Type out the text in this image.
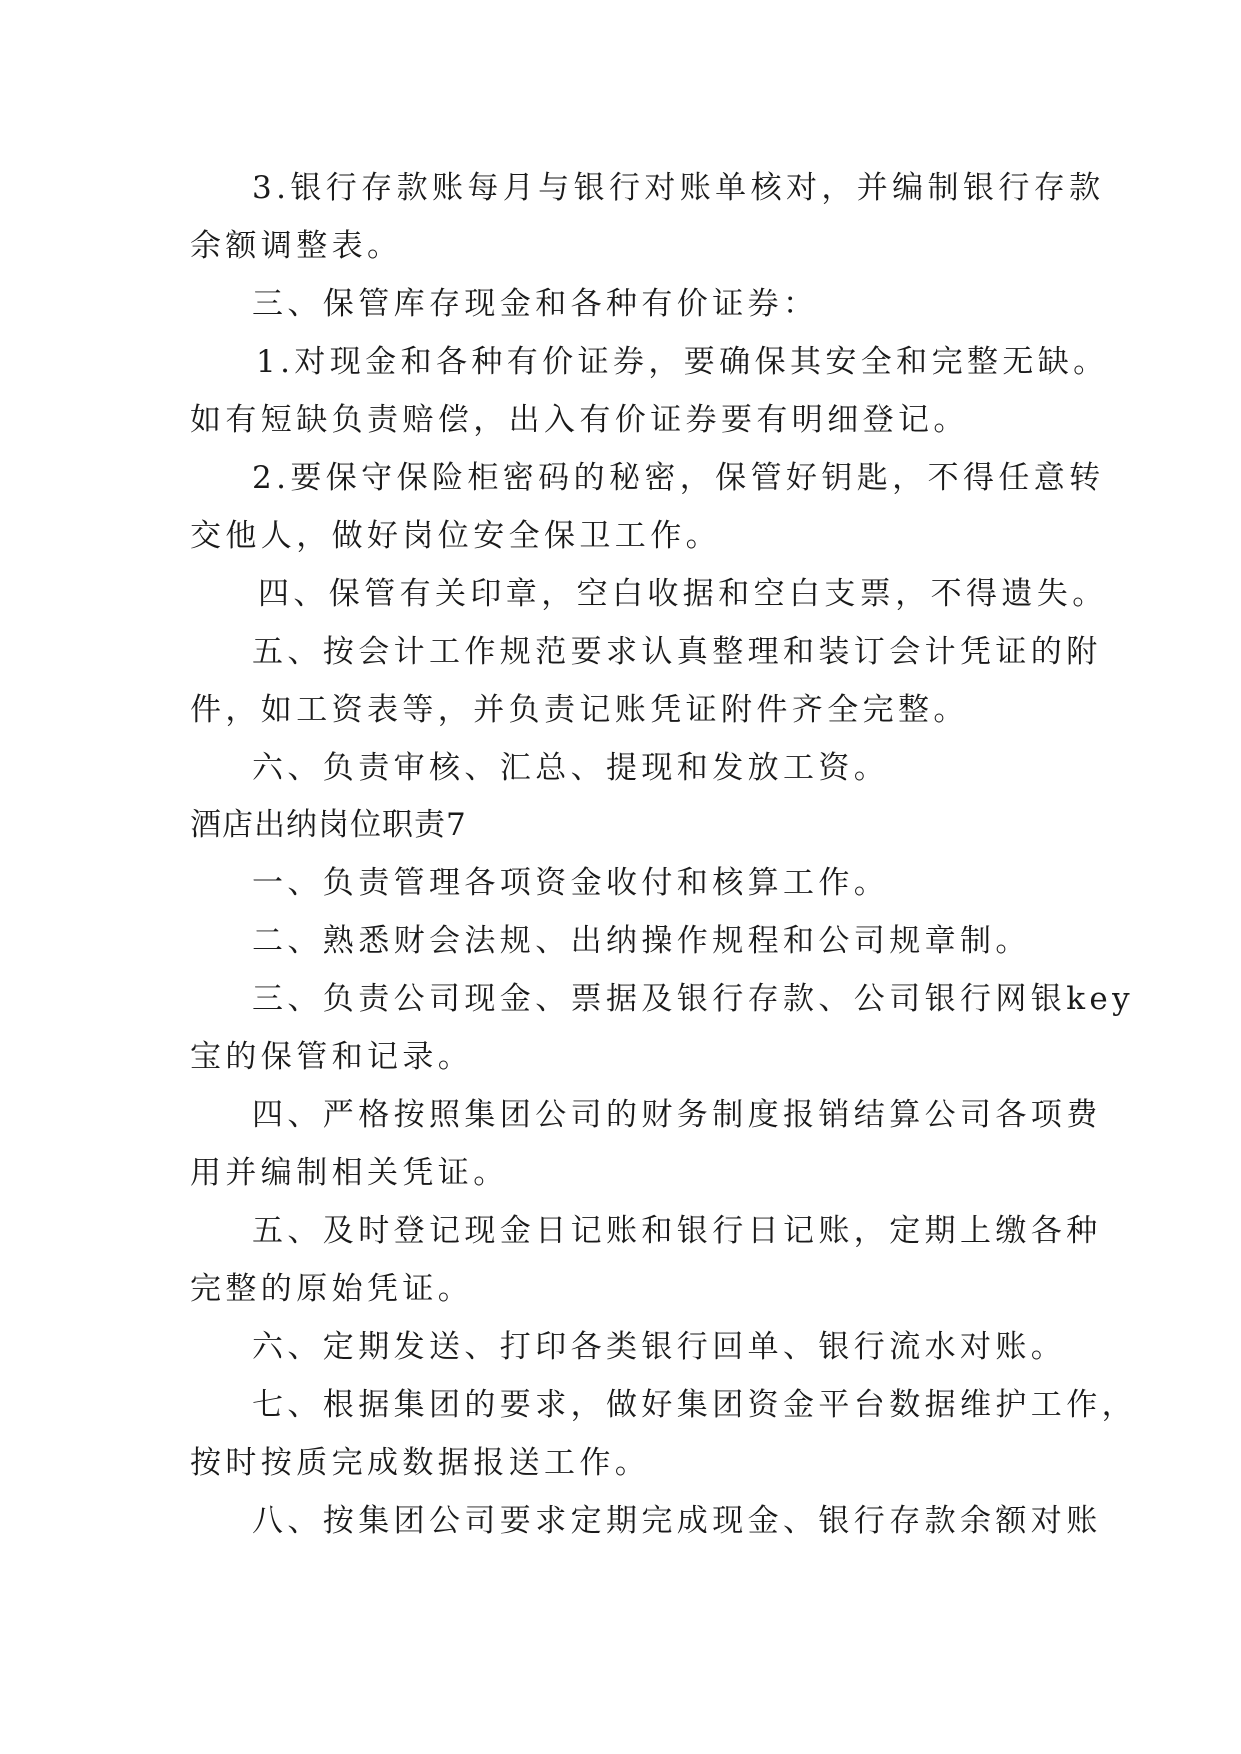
3.银行存款账每月与银行对账单核对，并编制银行存款
余额调整表。
三、保管库存现金和各种有价证券：
1.对现金和各种有价证券，要确保其安全和完整无缺。
如有短缺负责赔偿，出入有价证券要有明细登记。
2.要保守保险柜密码的秘密，保管好钥匙，不得任意转
交他人，做好岗位安全保卫工作。
四、保管有关印章，空白收据和空白支票，不得遗失。
五、按会计工作规范要求认真整理和装订会计凭证的附
件，如工资表等，并负责记账凭证附件齐全完整。
六、负责审核、汇总、提现和发放工资。
酒店出纳岗位职责7
一、负责管理各项资金收付和核算工作。
二、熟悉财会法规、出纳操作规程和公司规章制。
三、负责公司现金、票据及银行存款、公司银行网银key
宝的保管和记录。
四、严格按照集团公司的财务制度报销结算公司各项费
用并编制相关凭证。
五、及时登记现金日记账和银行日记账，定期上缴各种
完整的原始凭证。
六、定期发送、打印各类银行回单、银行流水对账。
七、根据集团的要求，做好集团资金平台数据维护工作，
按时按质完成数据报送工作。
八、按集团公司要求定期完成现金、银行存款余额对账
